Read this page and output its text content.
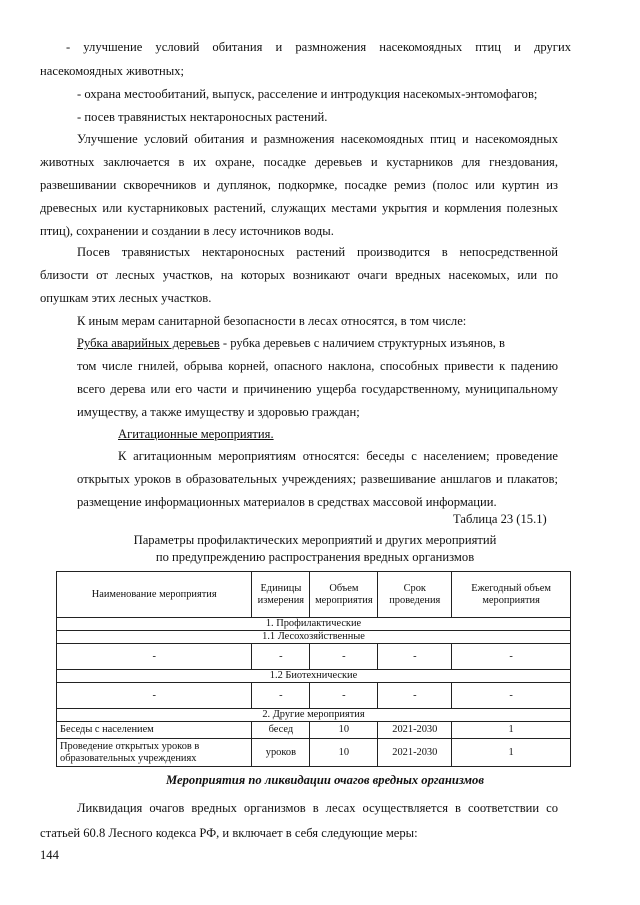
- улучшение условий обитания и размножения насекомоядных птиц и других
насекомоядных животных;
- охрана местообитаний, выпуск, расселение и интродукция насекомых-энтомофагов;
- посев травянистых нектароносных растений.
Улучшение условий обитания и размножения насекомоядных птиц и насекомоядных
животных заключается в их охране, посадке деревьев и кустарников для гнездования,
развешивании скворечников и дуплянок, подкормке, посадке ремиз (полос или куртин из
древесных или кустарниковых растений, служащих местами укрытия и кормления полезных
птиц), сохранении и создании в лесу источников воды.
Посев травянистых нектароносных растений производится в непосредственной
близости от лесных участков, на которых возникают очаги вредных насекомых, или по
опушкам этих лесных участков.
К иным мерам санитарной безопасности в лесах относятся, в том числе:
Рубка аварийных деревьев - рубка деревьев с наличием структурных изъянов, в
том числе гнилей, обрыва корней, опасного наклона, способных привести к падению
всего дерева или его части и причинению ущерба государственному, муниципальному
имуществу, а также имуществу и здоровью граждан;
Агитационные мероприятия.
К агитационным мероприятиям относятся: беседы с населением; проведение
открытых уроков в образовательных учреждениях; развешивание аншлагов и плакатов;
размещение информационных материалов в средствах массовой информации.
Таблица 23 (15.1)
Параметры профилактических мероприятий и других мероприятий
по предупреждению распространения вредных организмов
Наименование мероприятия	Единицы измерения	Объем мероприятия	Срок проведения	Ежегодный объем мероприятия
1. Профилактические				
1.1 Лесохозяйственные				
-	-	-	-	-
1.2 Биотехнические				
-	-	-	-	-
2. Другие мероприятия				
Беседы с населением	бесед	10	2021-2030	1
Проведение открытых уроков в образовательных учреждениях	уроков	10	2021-2030	1
Мероприятия по ликвидации очагов вредных организмов
Ликвидация очагов вредных организмов в лесах осуществляется в соответствии со
статьей 60.8 Лесного кодекса РФ, и включает в себя следующие меры:
144
